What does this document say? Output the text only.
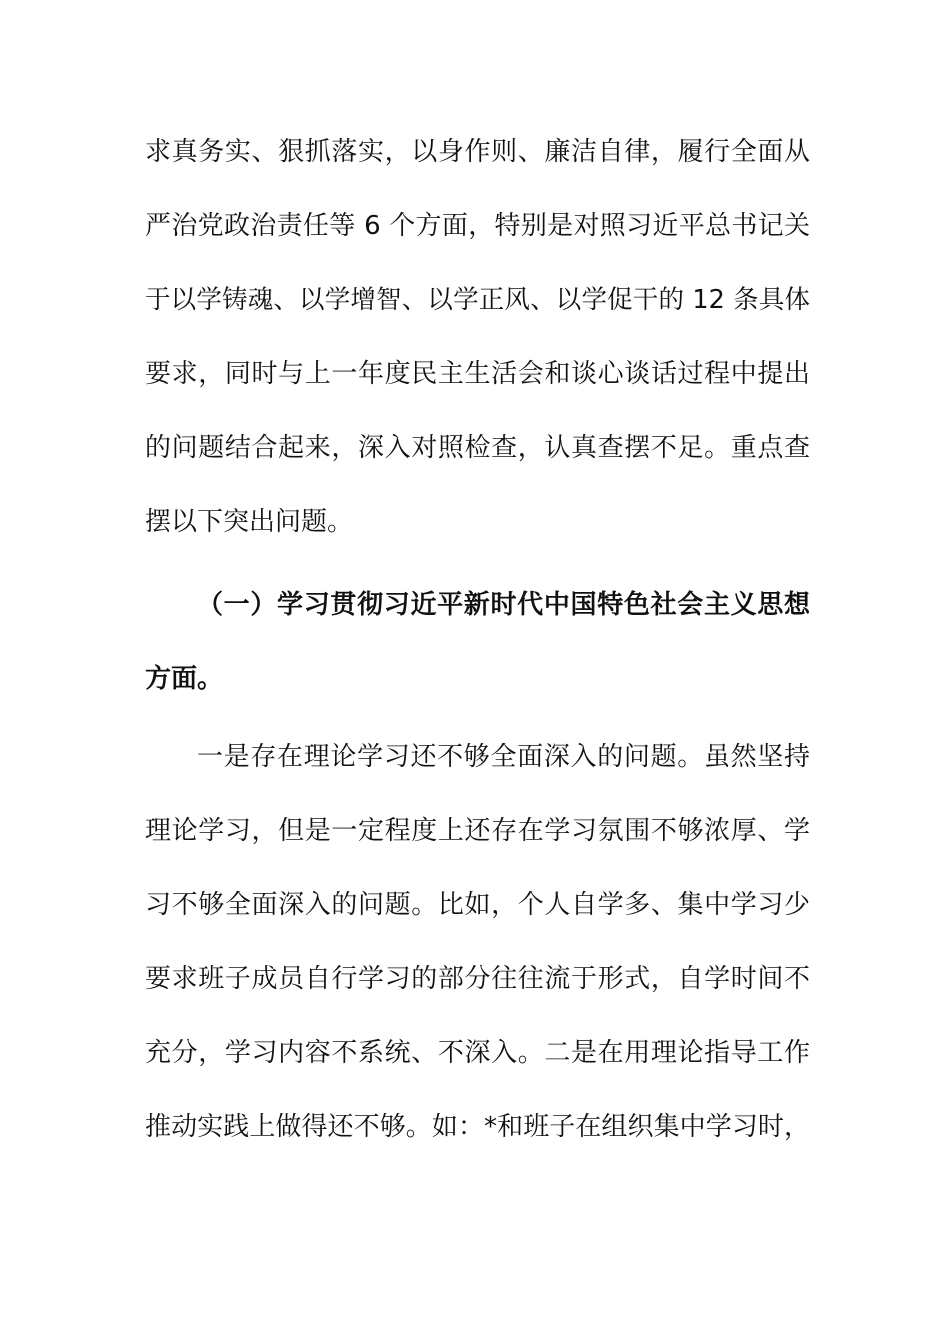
求真务实、狠抓落实，以身作则、廉洁自律，履行全面从
严治党政治责任等 6 个方面，特别是对照习近平总书记关
于以学铸魂、以学增智、以学正风、以学促干的 12 条具体
要求，同时与上一年度民主生活会和谈心谈话过程中提出
的问题结合起来，深入对照检查，认真查摆不足。重点查
摆以下突出问题。
（一）学习贯彻习近平新时代中国特色社会主义思想
方面。
一是存在理论学习还不够全面深入的问题。虽然坚持
理论学习，但是一定程度上还存在学习氛围不够浓厚、学
习不够全面深入的问题。比如，个人自学多、集中学习少
要求班子成员自行学习的部分往往流于形式，自学时间不
充分，学习内容不系统、不深入。二是在用理论指导工作
推动实践上做得还不够。如：*和班子在组织集中学习时，
